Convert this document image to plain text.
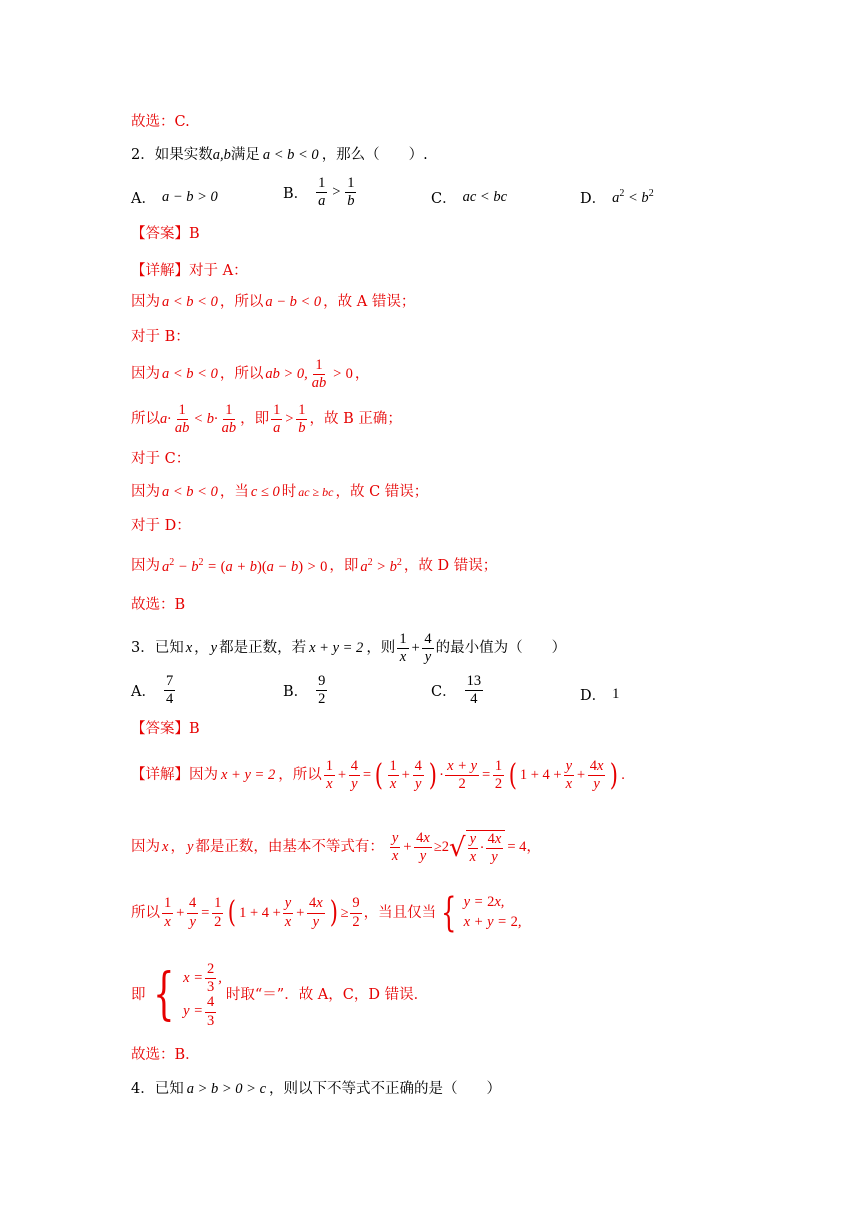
故选：C.
2．如果实数 a,b 满足 a < b < 0 ，那么（　　）.
A． a − b > 0	B． $\frac{1}{a} > \frac{1}{b}$	C． ac < bc	D． $a^2 < b^2$
【答案】B
【详解】对于 A：
因为 a < b < 0 ，所以 a − b < 0 ，故 A 错误；
对于 B：
因为 a < b < 0 ，所以 ab > 0, $\frac{1}{ab} > 0$ ，
所以 $a\cdot \frac{1}{ab} < b\cdot \frac{1}{ab}$ ，即 $\frac{1}{a} > \frac{1}{b}$ ，故 B 正确；
对于 C：
因为 a < b < 0 ，当 c ≤ 0 时 ac ≥ bc ，故 C 错误；
对于 D：
因为 $a^2 - b^2 = (a + b)(a - b) > 0$ ，即 $a^2 > b^2$ ，故 D 错误；
故选：B
3．已知 x ， y 都是正数，若 x + y = 2 ，则 $\frac{1}{x} + \frac{4}{y}$ 的最小值为（　　）
A． $\frac{7}{4}$	B． $\frac{9}{2}$	C． $\frac{13}{4}$	D． 1
【答案】B
【详解】因为 x + y = 2 ，所以 $\frac{1}{x} + \frac{4}{y}$ = ( $\frac{1}{x} + \frac{4}{y}$ ) · $\frac{x + y}{2} = \frac{1}{2}$ ( $1 + 4 + \frac{y}{x} + \frac{4x}{y}$ ) .
因为 x ， y 都是正数，由基本不等式有： $\frac{y}{x} + \frac{4x}{y} \ge 2$ √ $\frac{y}{x} \cdot \frac{4x}{y} = 4$ ，
所以 $\frac{1}{x} + \frac{4}{y} = \frac{1}{2}$ ( $1 + 4 + \frac{y}{x} + \frac{4x}{y}$ ) ≥ $\frac{9}{2}$ ，当且仅当 { y = 2x,
x + y = 2,
即 { $x = \frac{2}{3}$ ,
$y = \frac{4}{3}$
时取“＝”．故 A，C，D 错误．
故选：B．
4．已知 a > b > 0 > c ，则以下不等式不正确的是（　　）
